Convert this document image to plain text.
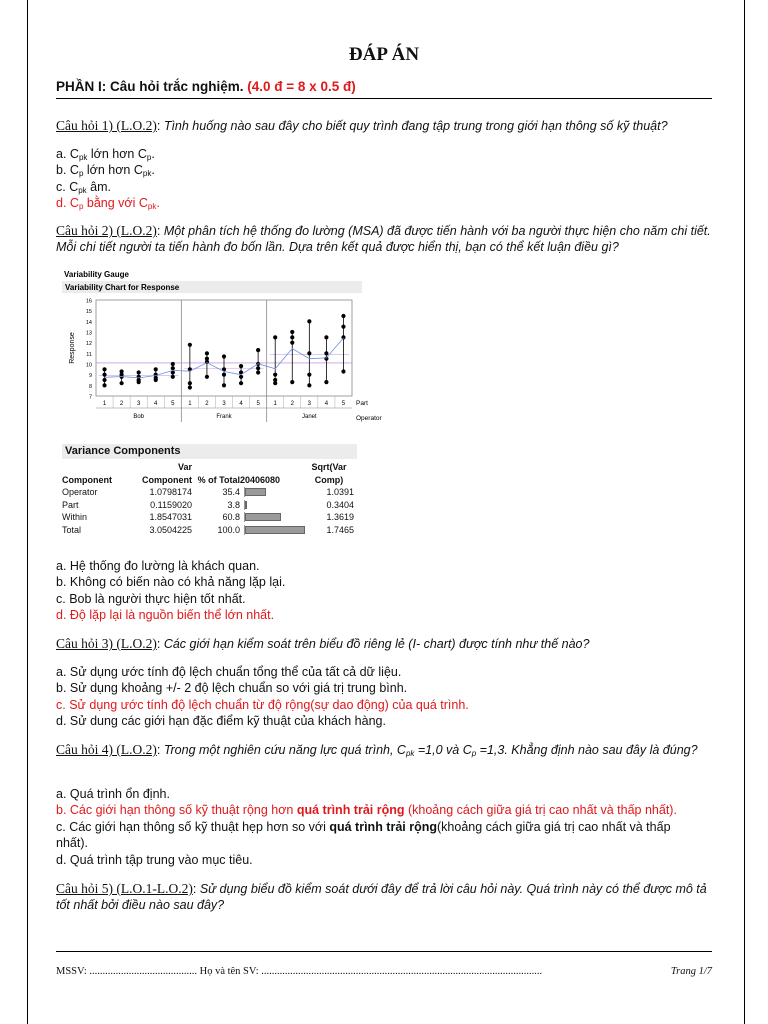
ĐÁP ÁN
PHẦN I: Câu hỏi trắc nghiệm. (4.0 đ = 8 x 0.5 đ)
Câu hỏi 1) (L.O.2): Tình huống nào sau đây cho biết quy trình đang tập trung trong giới hạn thông số kỹ thuật?
a. $C_{pk}$ lớn hơn $C_p$.
b. $C_p$ lớn hơn $C_{pk}$.
c. $C_{pk}$ âm.
d. $C_p$ bằng với $C_{pk}$.
Câu hỏi 2) (L.O.2): Một phân tích hệ thống đo lường (MSA) đã được tiến hành với ba người thực hiện cho năm chi tiết. Mỗi chi tiết người ta tiến hành đo bốn lần. Dựa trên kết quả được hiển thị, bạn có thể kết luận điều gì?
Variability Gauge
Variability Chart for Response
16
15
14
13
12
11
10
9
8
7
Response
1 2 3 4 5
Bob
1 2 3 4 5
Frank
1 2 3 4 5
Janet
Part
Operator
Variance Components
	Var			Sqrt(Var
Component	Component	% of Total	20406080	Comp)
Operator	1.0798174	35.4		1.0391
Part	0.1159020	3.8		0.3404
Within	1.8547031	60.8		1.3619
Total	3.0504225	100.0		1.7465
a. Hệ thống đo lường là khách quan.
b. Không có biến nào có khả năng lặp lại.
c. Bob là người thực hiện tốt nhất.
d. Độ lặp lại là nguồn biến thể lớn nhất.
Câu hỏi 3) (L.O.2): Các giới hạn kiểm soát trên biểu đồ riêng lẻ (I- chart) được tính như thế nào?
a. Sử dụng ước tính độ lệch chuẩn tổng thể của tất cả dữ liệu.
b. Sử dụng khoảng +/- 2 độ lệch chuẩn so với giá trị trung bình.
c. Sử dụng ước tính độ lệch chuẩn từ độ rộng(sự dao động) của quá trình.
d. Sử dung các giới hạn đặc điểm kỹ thuật của khách hàng.
Câu hỏi 4) (L.O.2): Trong một nghiên cứu năng lực quá trình, $C_{pk} =1,0$ và $C_p =1,3$. Khẳng định nào sau đây là đúng?
a. Quá trình ổn định.
b. Các giới hạn thông số kỹ thuật rộng hơn quá trình trải rộng (khoảng cách giữa giá trị cao nhất và thấp nhất).
c. Các giới hạn thông số kỹ thuật hẹp hơn so với quá trình trải rộng(khoảng cách giữa giá trị cao nhất và thấp nhất).
d. Quá trình tập trung vào mục tiêu.
Câu hỏi 5) (L.O.1-L.O.2): Sử dụng biểu đồ kiểm soát dưới đây để trả lời câu hỏi này. Quá trình này có thể được mô tả tốt nhất bởi điều nào sau đây?
MSSV: ......................................... Họ và tên SV: ...........................................................................................................	Trang 1/7
